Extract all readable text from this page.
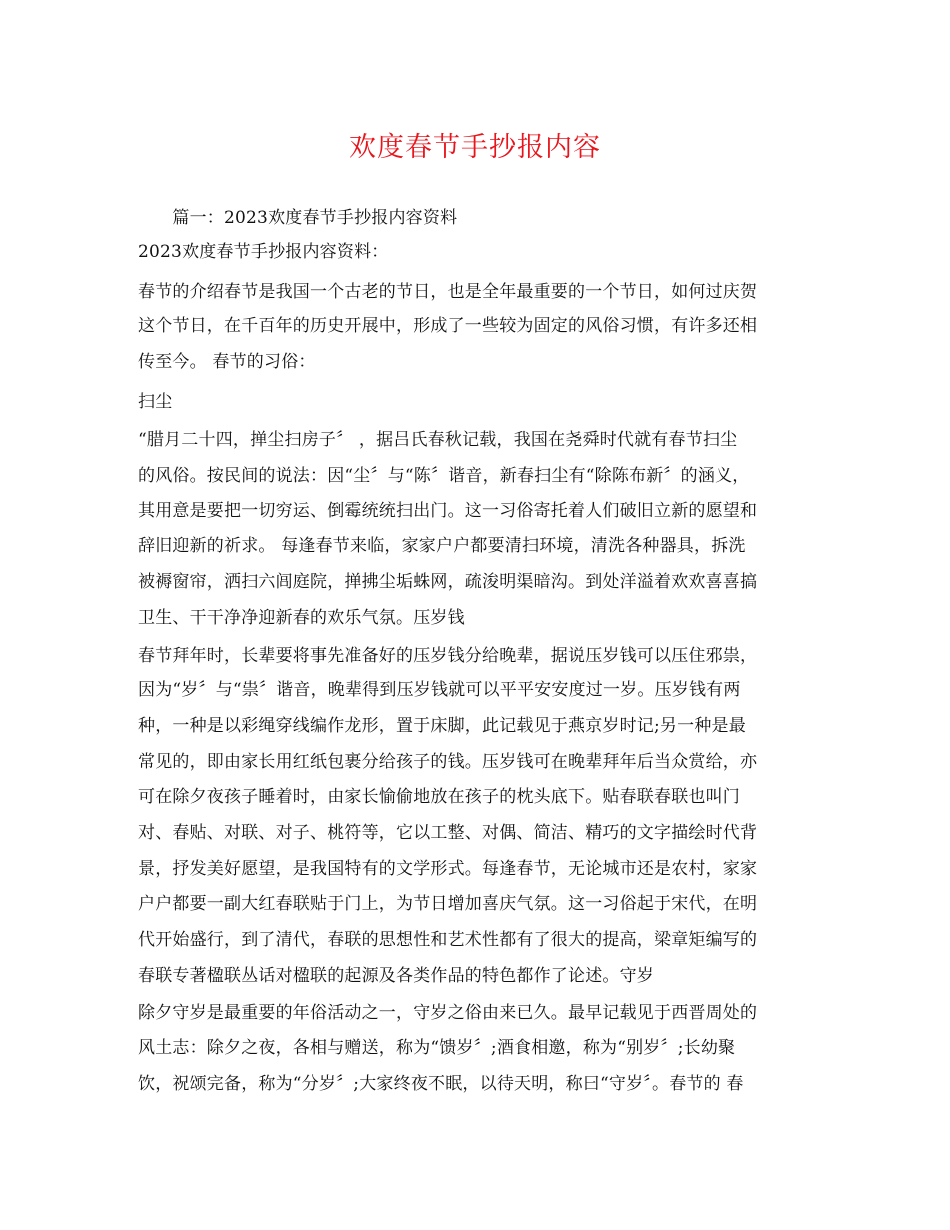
欢度春节手抄报内容
　　篇一：2023欢度春节手抄报内容资料
2023欢度春节手抄报内容资料：
春节的介绍春节是我国一个古老的节日，也是全年最重要的一个节日，如何过庆贺
这个节日，在千百年的历史开展中，形成了一些较为固定的风俗习惯，有许多还相
传至今。 春节的习俗：
扫尘
“腊月二十四，掸尘扫房子〞 ，据吕氏春秋记载，我国在尧舜时代就有春节扫尘
的风俗。按民间的说法：因“尘〞与“陈〞谐音，新春扫尘有“除陈布新〞的涵义，
其用意是要把一切穷运、倒霉统统扫出门。这一习俗寄托着人们破旧立新的愿望和
辞旧迎新的祈求。 每逢春节来临，家家户户都要清扫环境，清洗各种器具，拆洗
被褥窗帘，洒扫六闾庭院，掸拂尘垢蛛网，疏浚明渠暗沟。到处洋溢着欢欢喜喜搞
卫生、干干净净迎新春的欢乐气氛。压岁钱
春节拜年时，长辈要将事先准备好的压岁钱分给晚辈，据说压岁钱可以压住邪祟，
因为“岁〞与“祟〞谐音，晚辈得到压岁钱就可以平平安安度过一岁。压岁钱有两
种，一种是以彩绳穿线编作龙形，置于床脚，此记载见于燕京岁时记;另一种是最
常见的，即由家长用红纸包裹分给孩子的钱。压岁钱可在晚辈拜年后当众赏给，亦
可在除夕夜孩子睡着时，由家长愉偷地放在孩子的枕头底下。贴春联春联也叫门
对、春贴、对联、对子、桃符等，它以工整、对偶、简洁、精巧的文字描绘时代背
景，抒发美好愿望，是我国特有的文学形式。每逢春节，无论城市还是农村，家家
户户都要一副大红春联贴于门上，为节日增加喜庆气氛。这一习俗起于宋代，在明
代开始盛行，到了清代，春联的思想性和艺术性都有了很大的提高，梁章矩编写的
春联专著楹联丛话对楹联的起源及各类作品的特色都作了论述。守岁
除夕守岁是最重要的年俗活动之一，守岁之俗由来已久。最早记载见于西晋周处的
风土志：除夕之夜，各相与赠送，称为“馈岁〞;酒食相邀，称为“别岁〞;长幼聚
饮，祝颂完备，称为“分岁〞;大家终夜不眠，以待天明，称曰“守岁〞。春节的 春
